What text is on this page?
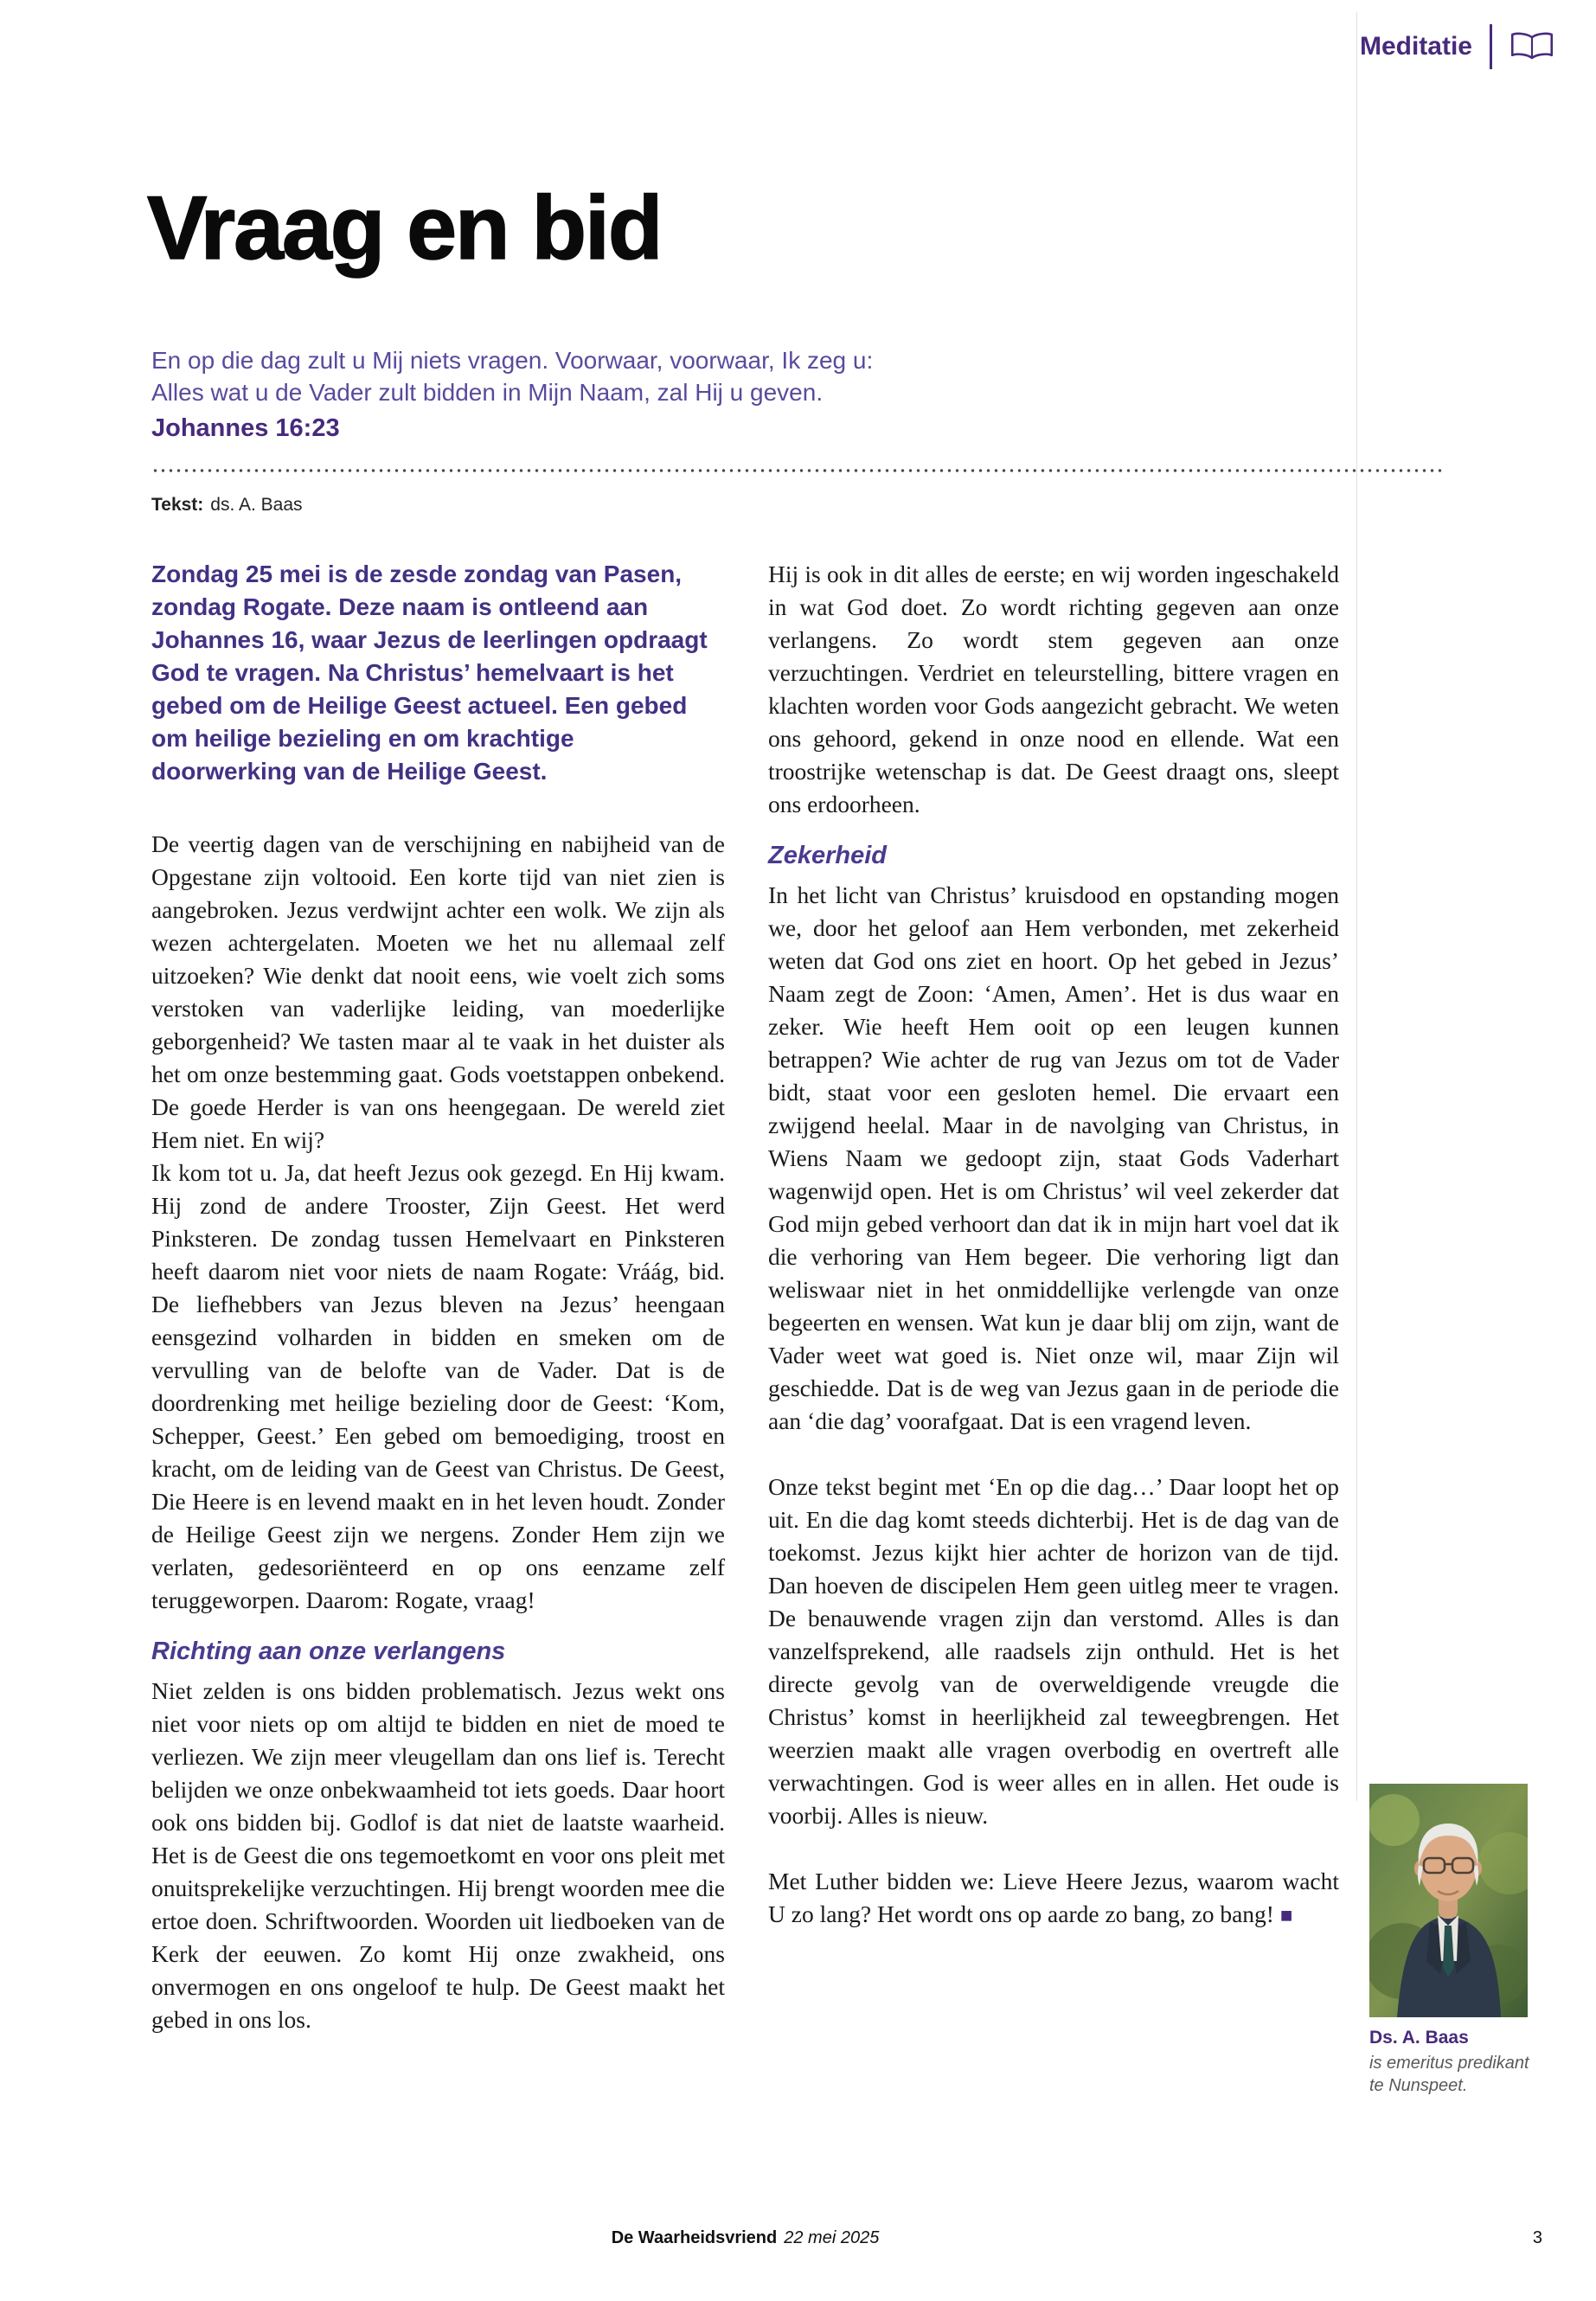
Meditatie
Vraag en bid
En op die dag zult u Mij niets vragen. Voorwaar, voorwaar, Ik zeg u:
Alles wat u de Vader zult bidden in Mijn Naam, zal Hij u geven.
Johannes 16:23
Tekst: ds. A. Baas

Zondag 25 mei is de zesde zondag van Pasen, zondag Rogate. Deze naam is ontleend aan Johannes 16, waar Jezus de leerlingen opdraagt God te vragen. Na Christus’ hemelvaart is het gebed om de Heilige Geest actueel. Een gebed om heilige bezieling en om krachtige doorwerking van de Heilige Geest.

De veertig dagen van de verschijning en nabijheid van de Opgestane zijn voltooid. Een korte tijd van niet zien is aangebroken. Jezus verdwijnt achter een wolk. We zijn als wezen achtergelaten. Moeten we het nu allemaal zelf uitzoeken? Wie denkt dat nooit eens, wie voelt zich soms verstoken van vaderlijke leiding, van moederlijke geborgenheid? We tasten maar al te vaak in het duister als het om onze bestemming gaat. Gods voetstappen onbekend. De goede Herder is van ons heengegaan. De wereld ziet Hem niet. En wij?

Ik kom tot u. Ja, dat heeft Jezus ook gezegd. En Hij kwam. Hij zond de andere Trooster, Zijn Geest. Het werd Pinksteren. De zondag tussen Hemelvaart en Pinksteren heeft daarom niet voor niets de naam Rogate: Vráág, bid. De liefhebbers van Jezus bleven na Jezus’ heengaan eensgezind volharden in bidden en smeken om de vervulling van de belofte van de Vader. Dat is de doordrenking met heilige bezieling door de Geest: ‘Kom, Schepper, Geest.’ Een gebed om bemoediging, troost en kracht, om de leiding van de Geest van Christus. De Geest, Die Heere is en levend maakt en in het leven houdt. Zonder de Heilige Geest zijn we nergens. Zonder Hem zijn we verlaten, gedesoriënteerd en op ons eenzame zelf teruggeworpen. Daarom: Rogate, vraag!

Richting aan onze verlangens

Niet zelden is ons bidden problematisch. Jezus wekt ons niet voor niets op om altijd te bidden en niet de moed te verliezen. We zijn meer vleugellam dan ons lief is. Terecht belijden we onze onbekwaamheid tot iets goeds. Daar hoort ook ons bidden bij. Godlof is dat niet de laatste waarheid. Het is de Geest die ons tegemoetkomt en voor ons pleit met onuitsprekelijke verzuchtingen. Hij brengt woorden mee die ertoe doen. Schriftwoorden. Woorden uit liedboeken van de Kerk der eeuwen. Zo komt Hij onze zwakheid, ons onvermogen en ons ongeloof te hulp. De Geest maakt het gebed in ons los.

Hij is ook in dit alles de eerste; en wij worden ingeschakeld in wat God doet. Zo wordt richting gegeven aan onze verlangens. Zo wordt stem gegeven aan onze verzuchtingen. Verdriet en teleurstelling, bittere vragen en klachten worden voor Gods aangezicht gebracht. We weten ons gehoord, gekend in onze nood en ellende. Wat een troostrijke wetenschap is dat. De Geest draagt ons, sleept ons erdoorheen.

Zekerheid

In het licht van Christus’ kruisdood en opstanding mogen we, door het geloof aan Hem verbonden, met zekerheid weten dat God ons ziet en hoort. Op het gebed in Jezus’ Naam zegt de Zoon: ‘Amen, Amen’. Het is dus waar en zeker. Wie heeft Hem ooit op een leugen kunnen betrappen? Wie achter de rug van Jezus om tot de Vader bidt, staat voor een gesloten hemel. Die ervaart een zwijgend heelal. Maar in de navolging van Christus, in Wiens Naam we gedoopt zijn, staat Gods Vaderhart wagenwijd open. Het is om Christus’ wil veel zekerder dat God mijn gebed verhoort dan dat ik in mijn hart voel dat ik die verhoring van Hem begeer. Die verhoring ligt dan weliswaar niet in het onmiddellijke verlengde van onze begeerten en wensen. Wat kun je daar blij om zijn, want de Vader weet wat goed is. Niet onze wil, maar Zijn wil geschiedde. Dat is de weg van Jezus gaan in de periode die aan ‘die dag’ voorafgaat. Dat is een vragend leven.

Onze tekst begint met ‘En op die dag…’ Daar loopt het op uit. En die dag komt steeds dichterbij. Het is de dag van de toekomst. Jezus kijkt hier achter de horizon van de tijd. Dan hoeven de discipelen Hem geen uitleg meer te vragen. De benauwende vragen zijn dan verstomd. Alles is dan vanzelfsprekend, alle raadsels zijn onthuld. Het is het directe gevolg van de overweldigende vreugde die Christus’ komst in heerlijkheid zal teweegbrengen. Het weerzien maakt alle vragen overbodig en overtreft alle verwachtingen. God is weer alles en in allen. Het oude is voorbij. Alles is nieuw.

Met Luther bidden we: Lieve Heere Jezus, waarom wacht U zo lang? Het wordt ons op aarde zo bang, zo bang! ■

Ds. A. Baas
is emeritus predikant te Nunspeet.
De Waarheidsvriend 22 mei 2025	3
